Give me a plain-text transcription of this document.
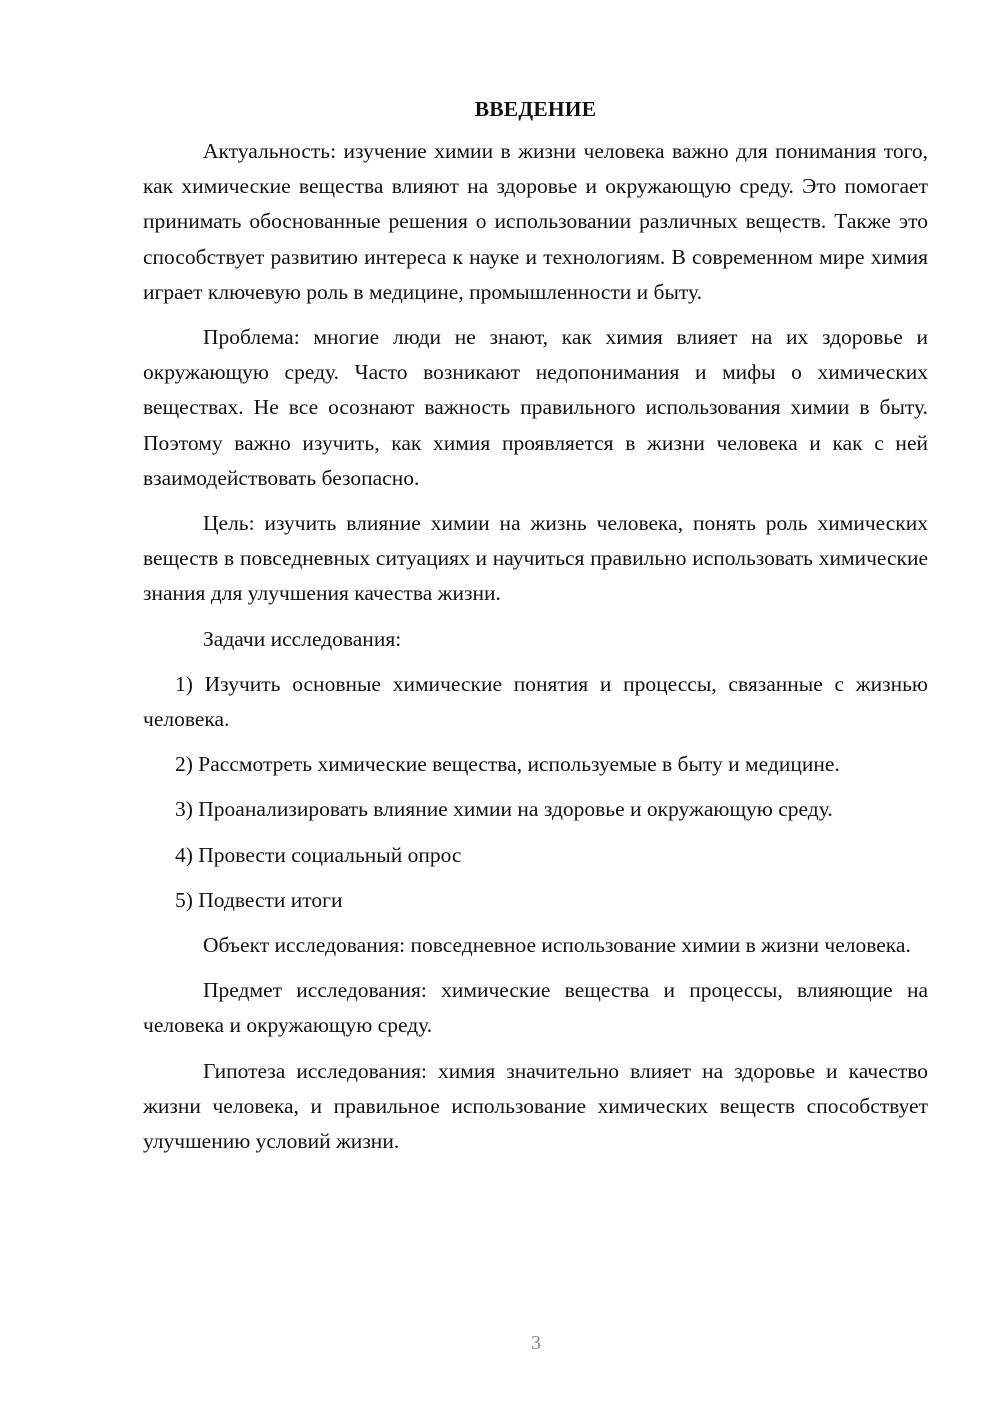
ВВЕДЕНИЕ

Актуальность: изучение химии в жизни человека важно для понимания того, как химические вещества влияют на здоровье и окружающую среду. Это помогает принимать обоснованные решения о использовании различных веществ. Также это способствует развитию интереса к науке и технологиям. В современном мире химия играет ключевую роль в медицине, промышленности и быту.

Проблема: многие люди не знают, как химия влияет на их здоровье и окружающую среду. Часто возникают недопонимания и мифы о химических веществах. Не все осознают важность правильного использования химии в быту. Поэтому важно изучить, как химия проявляется в жизни человека и как с ней взаимодействовать безопасно.

Цель: изучить влияние химии на жизнь человека, понять роль химических веществ в повседневных ситуациях и научиться правильно использовать химические знания для улучшения качества жизни.

Задачи исследования:

1) Изучить основные химические понятия и процессы, связанные с жизнью человека.

2) Рассмотреть химические вещества, используемые в быту и медицине.

3) Проанализировать влияние химии на здоровье и окружающую среду.

4) Провести социальный опрос

5) Подвести итоги

Объект исследования: повседневное использование химии в жизни человека.

Предмет исследования: химические вещества и процессы, влияющие на человека и окружающую среду.

Гипотеза исследования: химия значительно влияет на здоровье и качество жизни человека, и правильное использование химических веществ способствует улучшению условий жизни.

3
